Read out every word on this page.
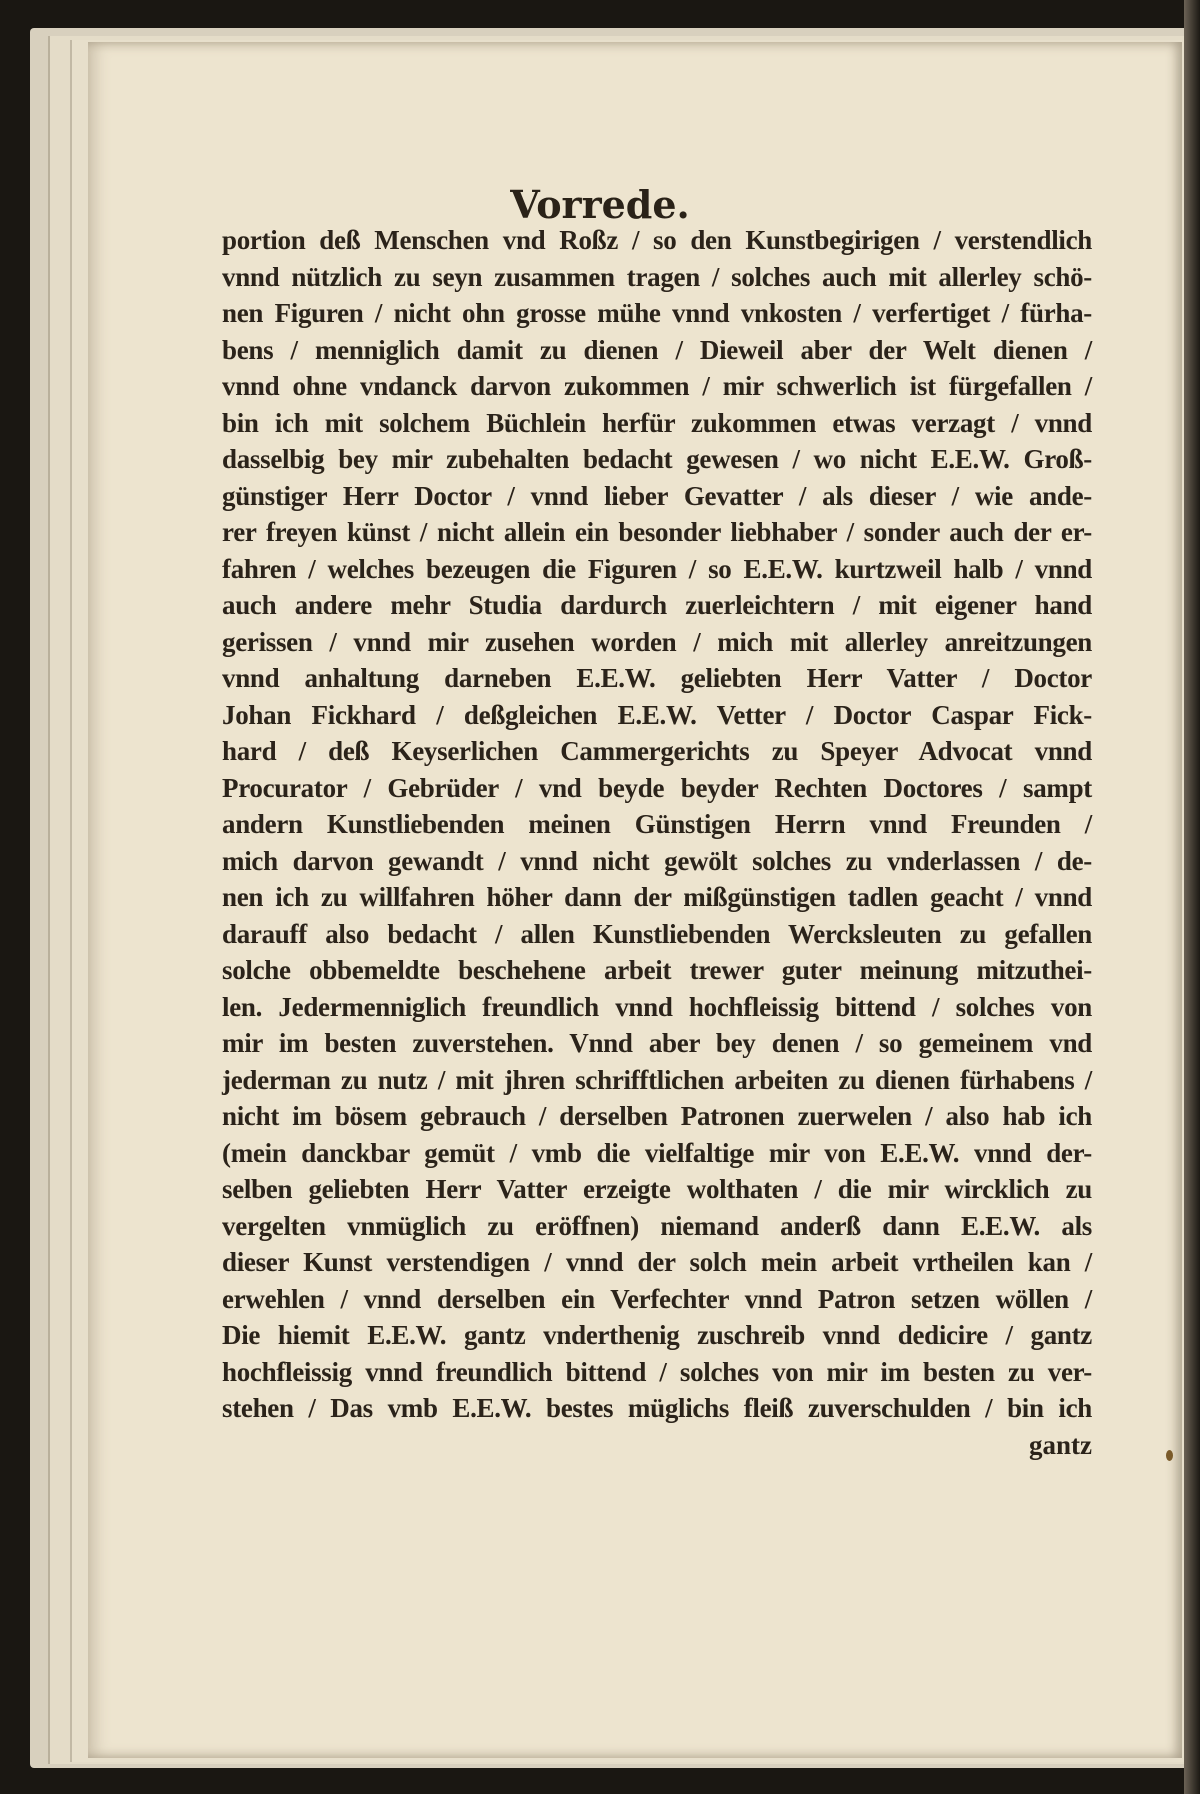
Vorrede.
portion deß Menschen vnd Roßz / so den Kunstbegirigen / verstendlich
vnnd nützlich zu seyn zusammen tragen / solches auch mit allerley schö-
nen Figuren / nicht ohn grosse mühe vnnd vnkosten / verfertiget / fürha-
bens / menniglich damit zu dienen / Dieweil aber der Welt dienen /
vnnd ohne vndanck darvon zukommen / mir schwerlich ist fürgefallen /
bin ich mit solchem Büchlein herfür zukommen etwas verzagt / vnnd
dasselbig bey mir zubehalten bedacht gewesen / wo nicht E.E.W. Groß-
günstiger Herr Doctor / vnnd lieber Gevatter / als dieser / wie ande-
rer freyen künst / nicht allein ein besonder liebhaber / sonder auch der er-
fahren / welches bezeugen die Figuren / so E.E.W. kurtzweil halb / vnnd
auch andere mehr Studia dardurch zuerleichtern / mit eigener hand
gerissen / vnnd mir zusehen worden / mich mit allerley anreitzungen
vnnd anhaltung darneben E.E.W. geliebten Herr Vatter / Doctor
Johan Fickhard / deßgleichen E.E.W. Vetter / Doctor Caspar Fick-
hard / deß Keyserlichen Cammergerichts zu Speyer Advocat vnnd
Procurator / Gebrüder / vnd beyde beyder Rechten Doctores / sampt
andern Kunstliebenden meinen Günstigen Herrn vnnd Freunden /
mich darvon gewandt / vnnd nicht gewölt solches zu vnderlassen / de-
nen ich zu willfahren höher dann der mißgünstigen tadlen geacht / vnnd
darauff also bedacht / allen Kunstliebenden Wercksleuten zu gefallen
solche obbemeldte beschehene arbeit trewer guter meinung mitzuthei-
len. Jedermenniglich freundlich vnnd hochfleissig bittend / solches von
mir im besten zuverstehen. Vnnd aber bey denen / so gemeinem vnd
jederman zu nutz / mit jhren schrifftlichen arbeiten zu dienen fürhabens /
nicht im bösem gebrauch / derselben Patronen zuerwelen / also hab ich
(mein danckbar gemüt / vmb die vielfaltige mir von E.E.W. vnnd der-
selben geliebten Herr Vatter erzeigte wolthaten / die mir wircklich zu
vergelten vnmüglich zu eröffnen) niemand anderß dann E.E.W. als
dieser Kunst verstendigen / vnnd der solch mein arbeit vrtheilen kan /
erwehlen / vnnd derselben ein Verfechter vnnd Patron setzen wöllen /
Die hiemit E.E.W. gantz vnderthenig zuschreib vnnd dedicire / gantz
hochfleissig vnnd freundlich bittend / solches von mir im besten zu ver-
stehen / Das vmb E.E.W. bestes müglichs fleiß zuverschulden / bin ich
gantz
